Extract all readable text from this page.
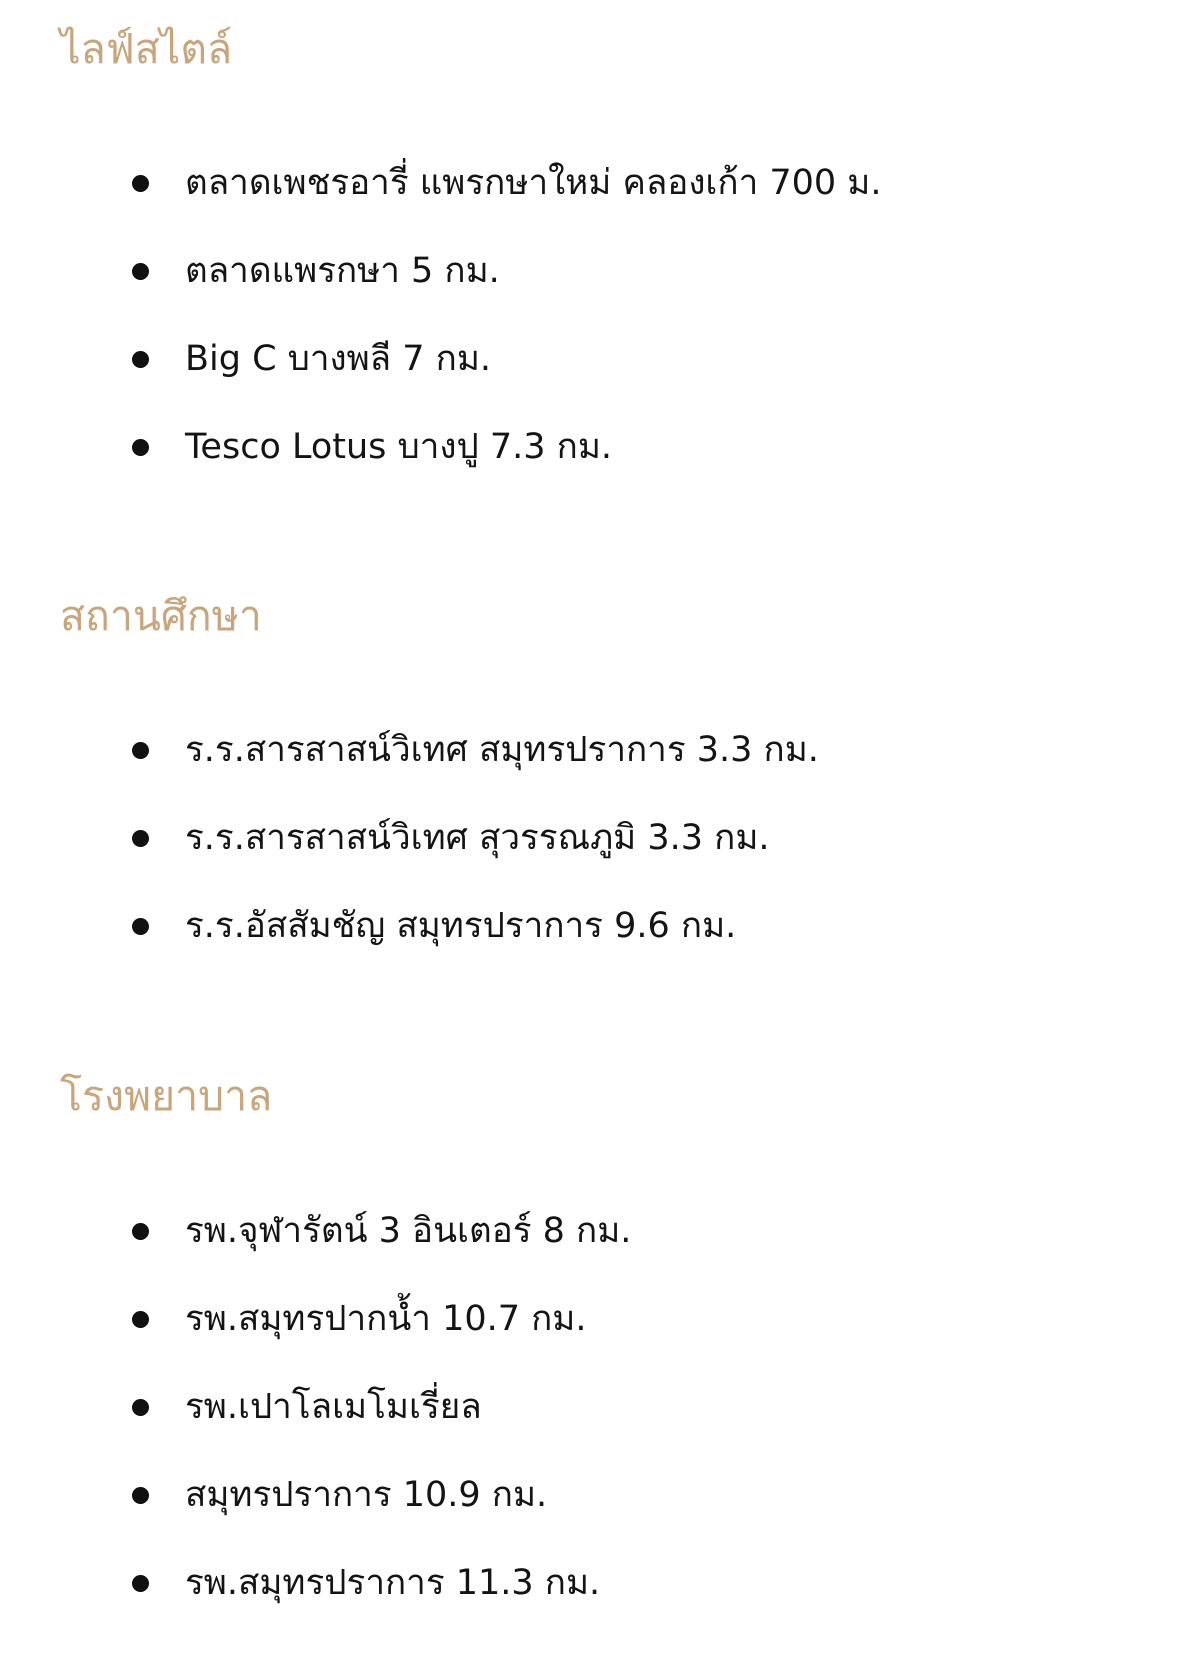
ไลฟ์สไตล์
ตลาดเพชรอารี่ แพรกษาใหม่ คลองเก้า 700 ม.
ตลาดแพรกษา 5 กม.
Big C บางพลี 7 กม.
Tesco Lotus บางปู 7.3 กม.
สถานศึกษา
ร.ร.สารสาสน์วิเทศ สมุทรปราการ 3.3 กม.
ร.ร.สารสาสน์วิเทศ สุวรรณภูมิ 3.3 กม.
ร.ร.อัสสัมชัญ สมุทรปราการ 9.6 กม.
โรงพยาบาล
รพ.จุฬารัตน์ 3 อินเตอร์ 8 กม.
รพ.สมุทรปากน้ำ 10.7 กม.
รพ.เปาโลเมโมเรี่ยล
สมุทรปราการ 10.9 กม.
รพ.สมุทรปราการ 11.3 กม.
